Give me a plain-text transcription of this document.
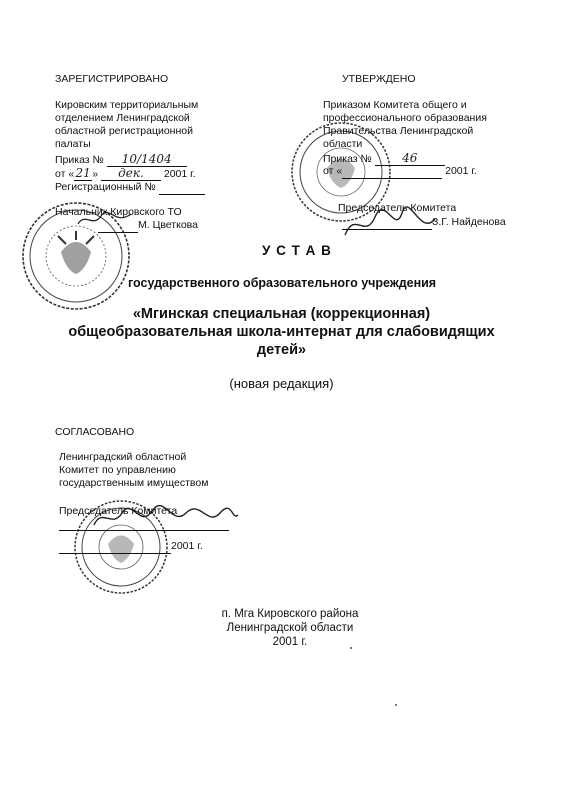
ЗАРЕГИСТРИРОВАНО
Кировским территориальным
отделением Ленинградской
областной регистрационной
палаты
Приказ № 10/1404
от «21» дек. 2001 г.
Регистрационный №
Начальник Кировского ТО
М. Цветкова
УТВЕРЖДЕНО
Приказом Комитета общего и
профессионального образования
Правительства Ленинградской
области
Приказ №	46
от «	2001 г.
Председатель Комитета
З.Г. Найденова
У С Т А В
государственного образовательного учреждения
«Мгинская специальная (коррекционная)
общеобразовательная школа-интернат для слабовидящих
детей»
(новая редакция)
СОГЛАСОВАНО
Ленинградский областной
Комитет по управлению
государственным имуществом
Председатель Комитета

2001 г.
п. Мга Кировского района
Ленинградской области
2001 г.
